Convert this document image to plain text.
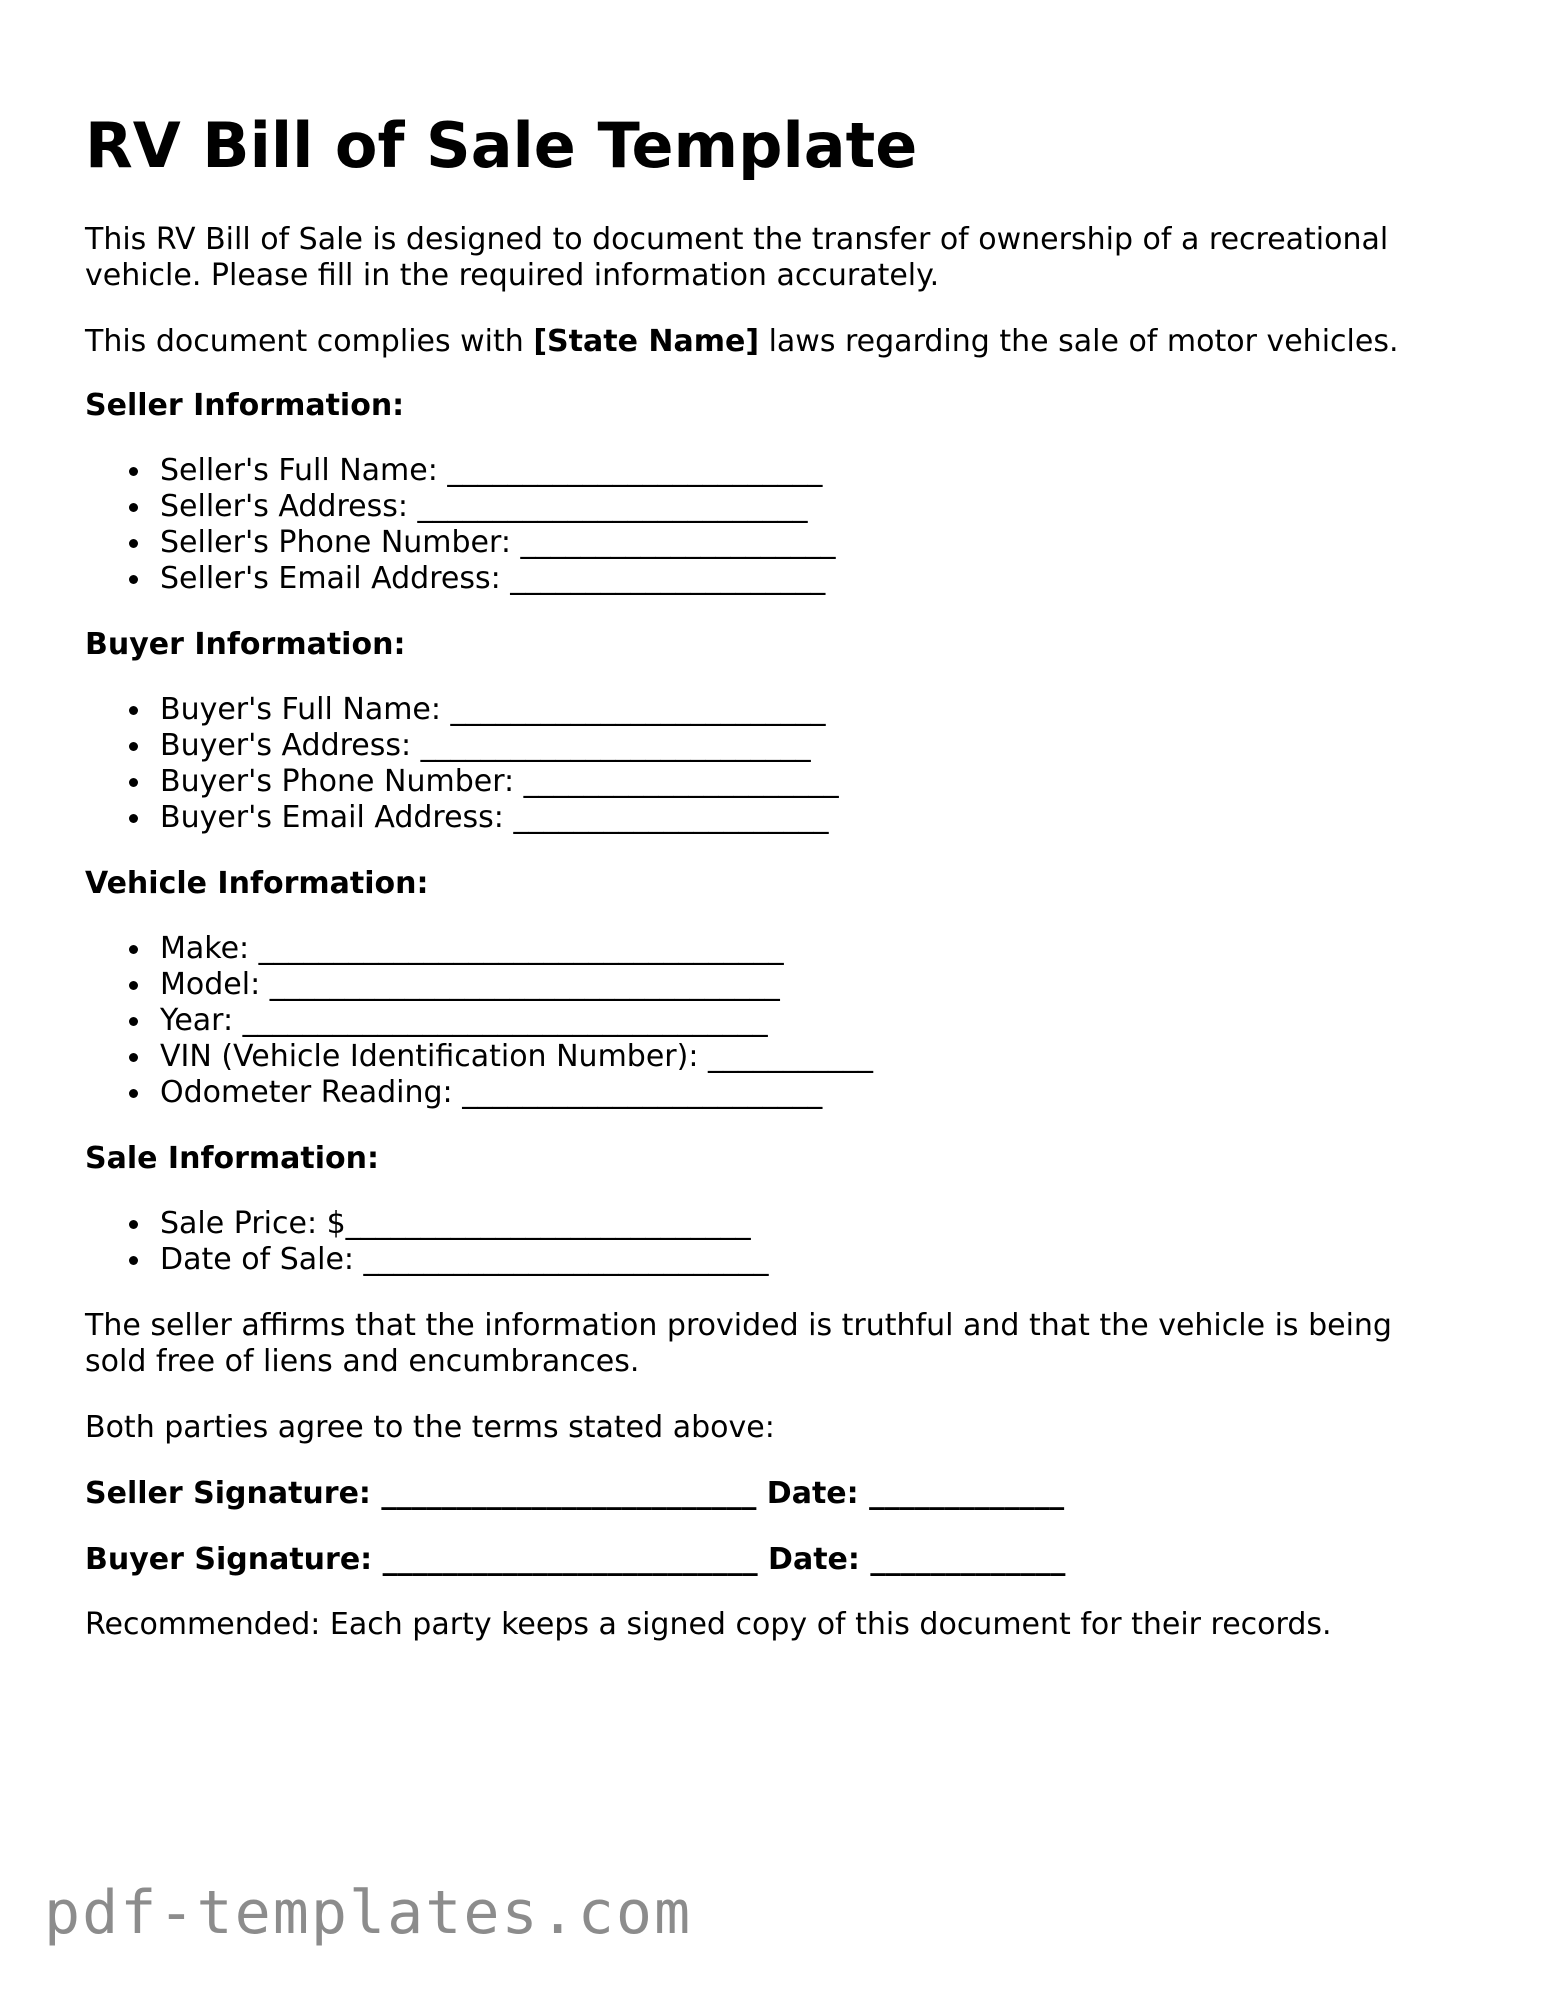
RV Bill of Sale Template
This RV Bill of Sale is designed to document the transfer of ownership of a recreational
vehicle. Please fill in the required information accurately.
This document complies with [State Name] laws regarding the sale of motor vehicles.
Seller Information:
Seller's Full Name: _________________________
Seller's Address: __________________________
Seller's Phone Number: _____________________
Seller's Email Address: _____________________
Buyer Information:
Buyer's Full Name: _________________________
Buyer's Address: __________________________
Buyer's Phone Number: _____________________
Buyer's Email Address: _____________________
Vehicle Information:
Make: ___________________________________
Model: __________________________________
Year: ___________________________________
VIN (Vehicle Identification Number): ___________
Odometer Reading: ________________________
Sale Information:
Sale Price: $___________________________
Date of Sale: ___________________________
The seller affirms that the information provided is truthful and that the vehicle is being
sold free of liens and encumbrances.
Both parties agree to the terms stated above:
Seller Signature: _________________________ Date: _____________
Buyer Signature: _________________________ Date: _____________
Recommended: Each party keeps a signed copy of this document for their records.
pdf-templates.com
